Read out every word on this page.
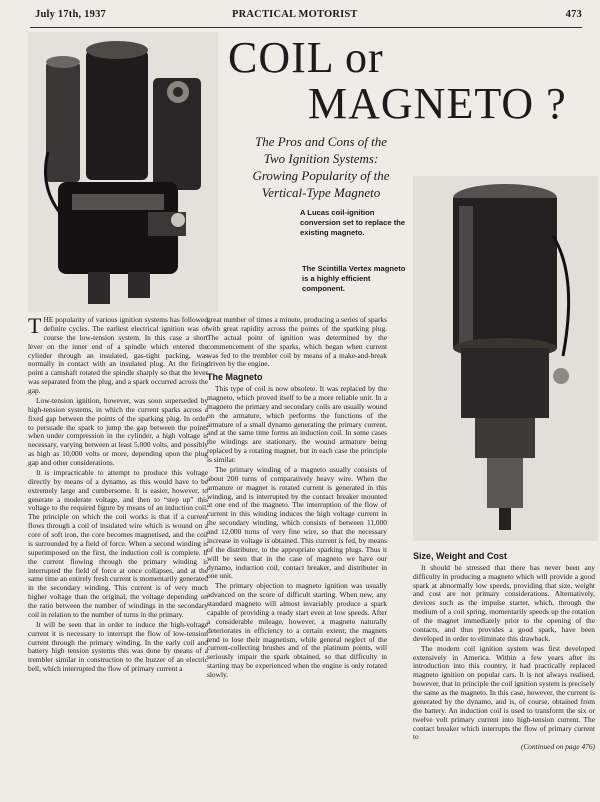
July 17th, 1937	PRACTICAL MOTORIST	473
COIL or
MAGNETO ?
The Pros and Cons of the Two Ignition Systems: Growing Popularity of the Vertical-Type Magneto
A Lucas coil-ignition conversion set to replace the existing magneto.
The Scintilla Vertex magneto is a highly efficient component.

THE popularity of various ignition systems has followed definite cycles. The earliest electrical ignition was of course the low-tension system. In this case a short lever on the inner end of a spindle which entered the cylinder through an insulated, gas-tight packing, was normally in contact with an insulated plug. At the firing point a camshaft rotated the spindle sharply so that the lever was separated from the plug, and a spark occurred across the gap.

Low-tension ignition, however, was soon superseded by high-tension systems, in which the current sparks across a fixed gap between the points of the sparking plug. In order to persuade the spark to jump the gap between the points when under compression in the cylinder, a high voltage is necessary, varying between at least 5,000 volts, and possibly as high as 10,000 volts or more, depending upon the plug gap and other considerations.

It is impracticable to attempt to produce this voltage directly by means of a dynamo, as this would have to be extremely large and cumbersome. It is easier, however, to generate a moderate voltage, and then to “step up” this voltage to the required figure by means of an induction coil. The principle on which the coil works is that if a current flows through a coil of insulated wire which is wound on a core of soft iron, the core becomes magnetised, and the coil is surrounded by a field of force. When a second winding is superimposed on the first, the induction coil is complete. If the current flowing through the primary winding is interrupted the field of force at once collapses, and at the same time an entirely fresh current is momentarily generated in the secondary winding. This current is of very much higher voltage than the original, the voltage depending on the ratio between the number of windings in the secondary coil in relation to the number of turns in the primary.

It will be seen that in order to induce the high-voltage current it is necessary to interrupt the flow of low-tension current through the primary winding. In the early coil and battery high tension systems this was done by means of a trembler similar in construction to the buzzer of an electric bell, which interrupted the flow of primary current a

great number of times a minute, producing a series of sparks with great rapidity across the points of the sparking plug. The actual point of ignition was determined by the commencement of the sparks, which began when current was fed to the trembler coil by means of a make-and-break driven by the engine.

The Magneto

This type of coil is now obsolete. It was replaced by the magneto, which proved itself to be a more reliable unit. In a magneto the primary and secondary coils are usually wound on the armature, which performs the functions of the armature of a small dynamo generating the primary current, and at the same time forms an induction coil. In some cases the windings are stationary, the wound armature being replaced by a rotating magnet, but in each case the principle is similar.

The primary winding of a magneto usually consists of about 200 turns of comparatively heavy wire. When the armature or magnet is rotated current is generated in this winding, and is interrupted by the contact breaker mounted at one end of the magneto. The interruption of the flow of current in this winding induces the high voltage current in the secondary winding, which consists of between 11,000 and 12,000 turns of very fine wire, so that the necessary increase in voltage is obtained. This current is fed, by means of the distributer, to the appropriate sparking plugs. Thus it will be seen that in the case of magneto we have our dynamo, induction coil, contact breaker, and distributer in one unit.

The primary objection to magneto ignition was usually advanced on the score of difficult starting. When new, any standard magneto will almost invariably produce a spark capable of providing a ready start even at low speeds. After a considerable mileage, however, a magneto naturally deteriorates in efficiency to a certain extent; the magnets tend to lose their magnetism, while general neglect of the current-collecting brushes and of the platinum points, will seriously impair the spark obtained, so that difficulty in starting may be experienced when the engine is only rotated slowly.

Size, Weight and Cost

It should be stressed that there has never been any difficulty in producing a magneto which will provide a good spark at abnormally low speeds, providing that size, weight and cost are not primary considerations. Alternatively, devices such as the impulse starter, which, through the medium of a coil spring, momentarily speeds up the rotation of the magnet immediately prior to the opening of the contacts, and thus provides a good spark, have been developed in order to eliminate this drawback.

The modern coil ignition system was first developed extensively in America. Within a few years after its introduction into this country, it had practically replaced magneto ignition on popular cars. It is not always realised, however, that in principle the coil ignition system is precisely the same as the magneto. In this case, however, the current is generated by the dynamo, and is, of course, obtained from the battery. An induction coil is used to transform the six or twelve volt primary current into high-tension current. The contact breaker which interrupts the flow of primary current to

(Continued on page 476)
